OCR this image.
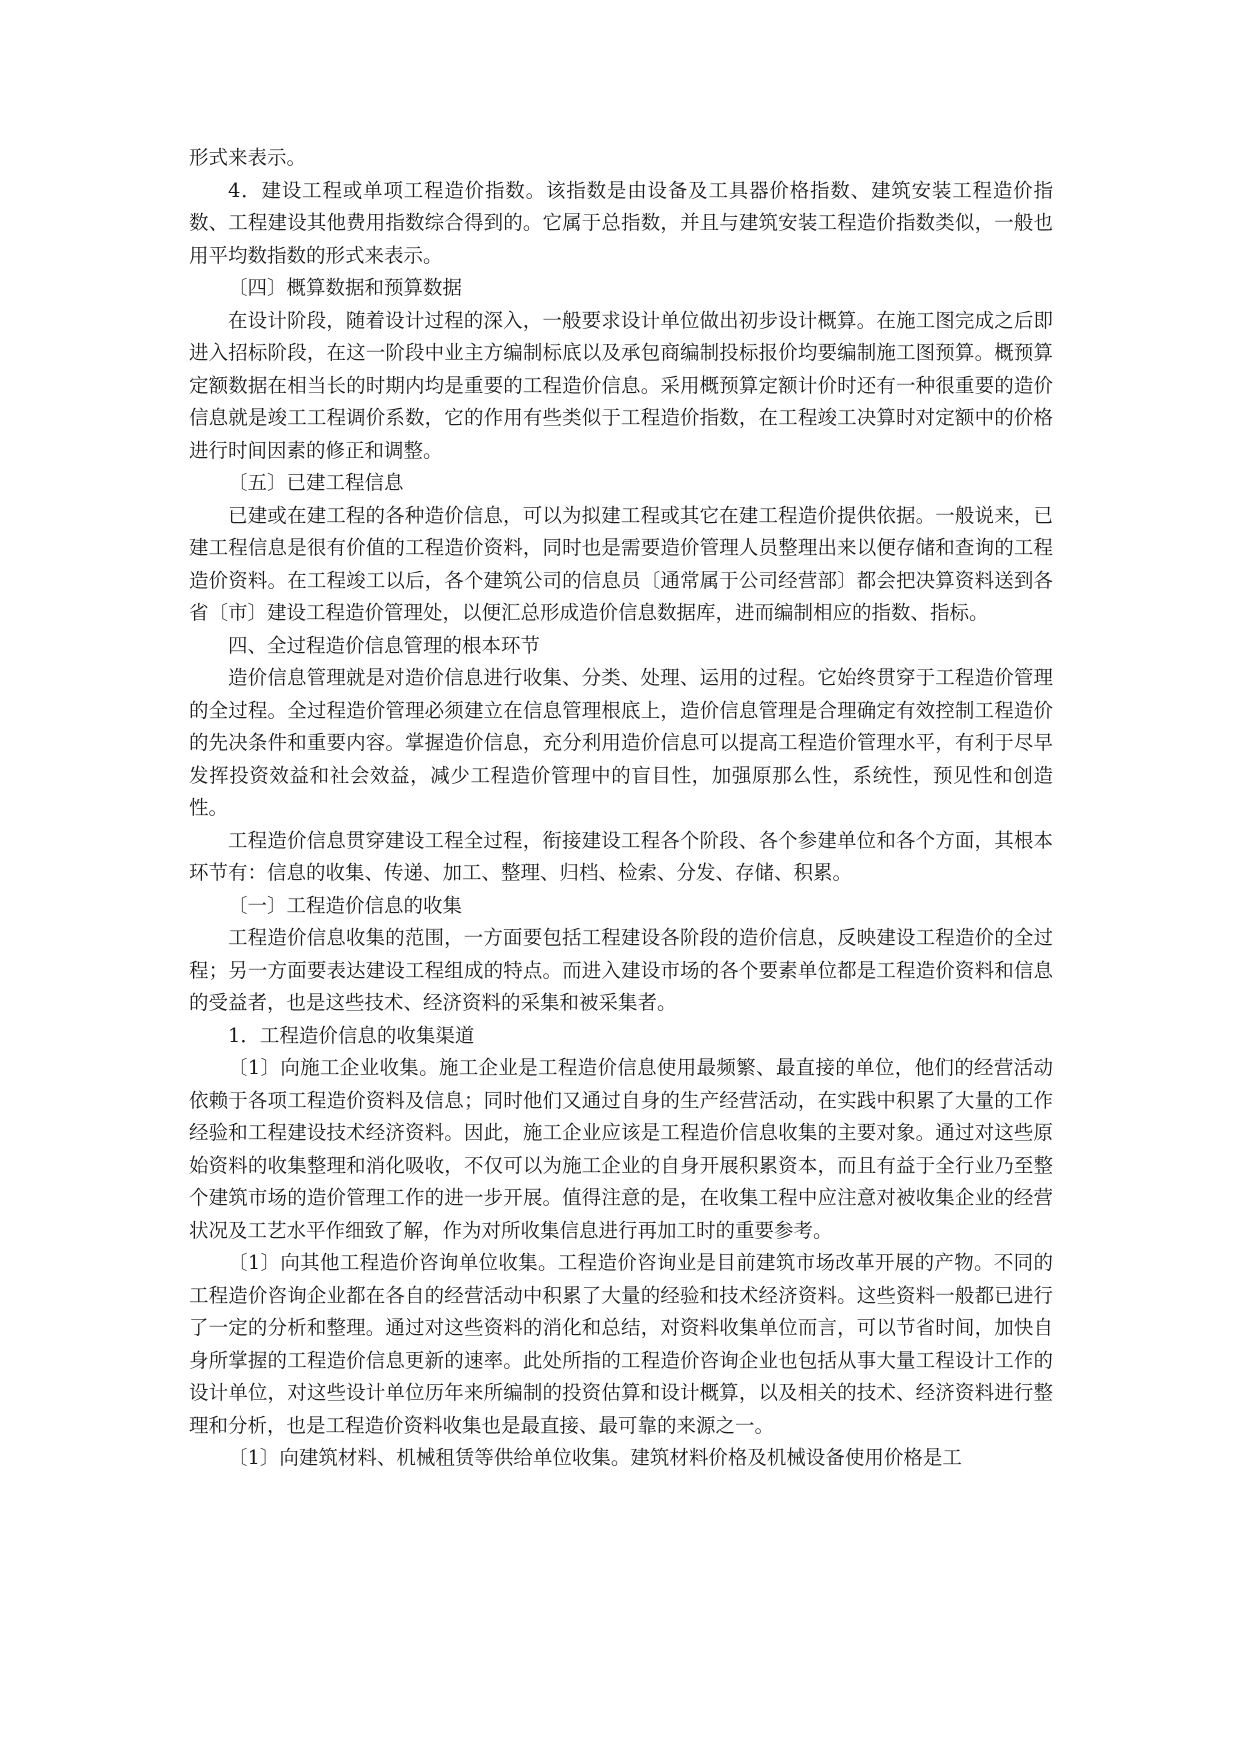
形式来表示。

4．建设工程或单项工程造价指数。该指数是由设备及工具器价格指数、建筑安装工程造价指数、工程建设其他费用指数综合得到的。它属于总指数，并且与建筑安装工程造价指数类似，一般也用平均数指数的形式来表示。

〔四〕概算数据和预算数据

在设计阶段，随着设计过程的深入，一般要求设计单位做出初步设计概算。在施工图完成之后即进入招标阶段，在这一阶段中业主方编制标底以及承包商编制投标报价均要编制施工图预算。概预算定额数据在相当长的时期内均是重要的工程造价信息。采用概预算定额计价时还有一种很重要的造价信息就是竣工工程调价系数，它的作用有些类似于工程造价指数，在工程竣工决算时对定额中的价格进行时间因素的修正和调整。

〔五〕已建工程信息

已建或在建工程的各种造价信息，可以为拟建工程或其它在建工程造价提供依据。一般说来，已建工程信息是很有价值的工程造价资料，同时也是需要造价管理人员整理出来以便存储和查询的工程造价资料。在工程竣工以后，各个建筑公司的信息员〔通常属于公司经营部〕都会把决算资料送到各省〔市〕建设工程造价管理处，以便汇总形成造价信息数据库，进而编制相应的指数、指标。

四、全过程造价信息管理的根本环节

造价信息管理就是对造价信息进行收集、分类、处理、运用的过程。它始终贯穿于工程造价管理的全过程。全过程造价管理必须建立在信息管理根底上，造价信息管理是合理确定有效控制工程造价的先决条件和重要内容。掌握造价信息，充分利用造价信息可以提高工程造价管理水平，有利于尽早发挥投资效益和社会效益，减少工程造价管理中的盲目性，加强原那么性，系统性，预见性和创造性。

工程造价信息贯穿建设工程全过程，衔接建设工程各个阶段、各个参建单位和各个方面，其根本环节有：信息的收集、传递、加工、整理、归档、检索、分发、存储、积累。

〔一〕工程造价信息的收集

工程造价信息收集的范围，一方面要包括工程建设各阶段的造价信息，反映建设工程造价的全过程；另一方面要表达建设工程组成的特点。而进入建设市场的各个要素单位都是工程造价资料和信息的受益者，也是这些技术、经济资料的采集和被采集者。

1．工程造价信息的收集渠道

〔1〕向施工企业收集。施工企业是工程造价信息使用最频繁、最直接的单位，他们的经营活动依赖于各项工程造价资料及信息；同时他们又通过自身的生产经营活动，在实践中积累了大量的工作经验和工程建设技术经济资料。因此，施工企业应该是工程造价信息收集的主要对象。通过对这些原始资料的收集整理和消化吸收，不仅可以为施工企业的自身开展积累资本，而且有益于全行业乃至整个建筑市场的造价管理工作的进一步开展。值得注意的是，在收集工程中应注意对被收集企业的经营状况及工艺水平作细致了解，作为对所收集信息进行再加工时的重要参考。

〔1〕向其他工程造价咨询单位收集。工程造价咨询业是目前建筑市场改革开展的产物。不同的工程造价咨询企业都在各自的经营活动中积累了大量的经验和技术经济资料。这些资料一般都已进行了一定的分析和整理。通过对这些资料的消化和总结，对资料收集单位而言，可以节省时间，加快自身所掌握的工程造价信息更新的速率。此处所指的工程造价咨询企业也包括从事大量工程设计工作的设计单位，对这些设计单位历年来所编制的投资估算和设计概算，以及相关的技术、经济资料进行整理和分析，也是工程造价资料收集也是最直接、最可靠的来源之一。

〔1〕向建筑材料、机械租赁等供给单位收集。建筑材料价格及机械设备使用价格是工
